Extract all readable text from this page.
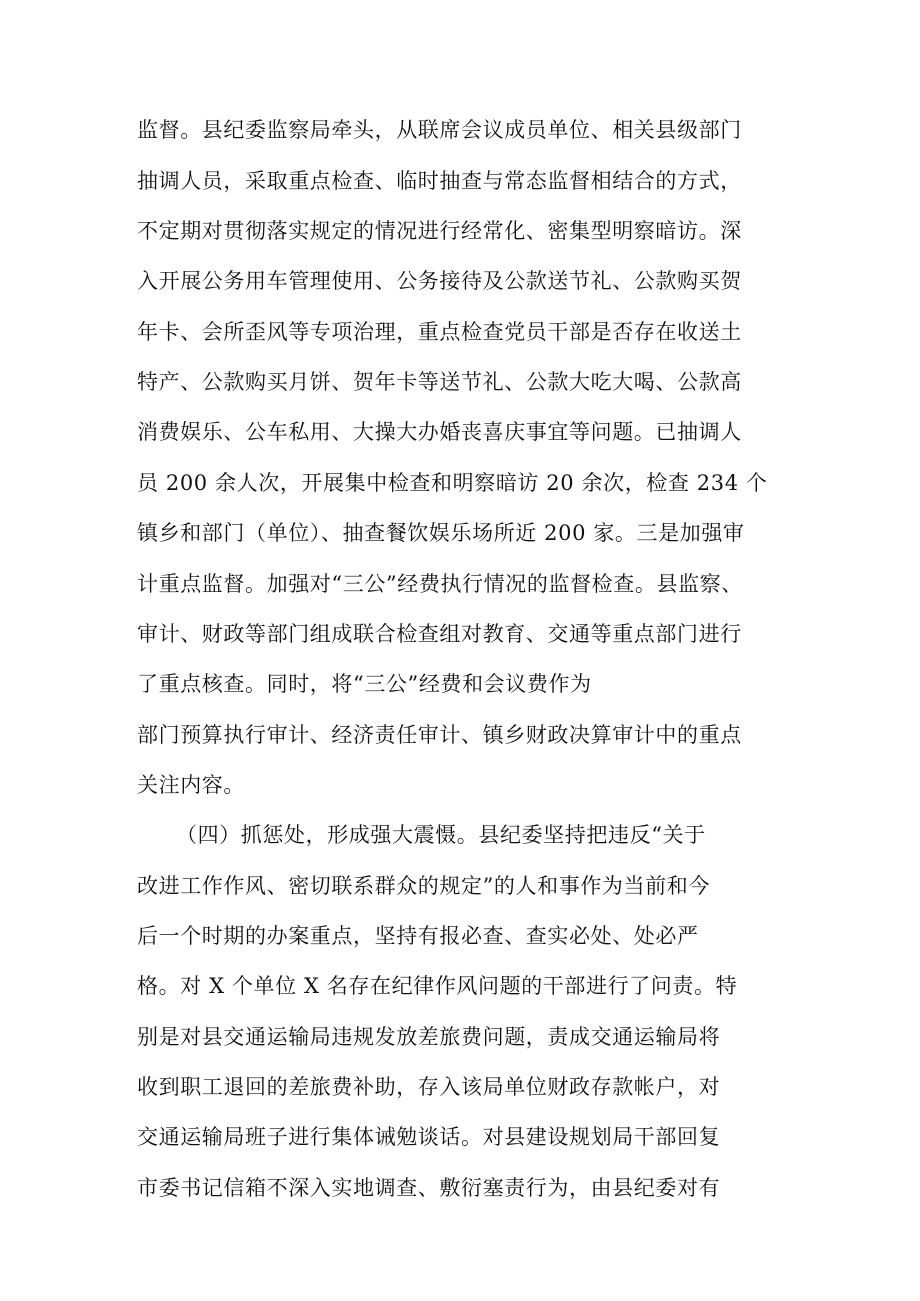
监督。县纪委监察局牵头，从联席会议成员单位、相关县级部门
抽调人员，采取重点检查、临时抽查与常态监督相结合的方式，
不定期对贯彻落实规定的情况进行经常化、密集型明察暗访。深
入开展公务用车管理使用、公务接待及公款送节礼、公款购买贺
年卡、会所歪风等专项治理，重点检查党员干部是否存在收送土
特产、公款购买月饼、贺年卡等送节礼、公款大吃大喝、公款高
消费娱乐、公车私用、大操大办婚丧喜庆事宜等问题。已抽调人
员 200 余人次，开展集中检查和明察暗访 20 余次，检查 234 个
镇乡和部门（单位）、抽查餐饮娱乐场所近 200 家。三是加强审
计重点监督。加强对“三公”经费执行情况的监督检查。县监察、
审计、财政等部门组成联合检查组对教育、交通等重点部门进行
了重点核查。同时，将“三公”经费和会议费作为
部门预算执行审计、经济责任审计、镇乡财政决算审计中的重点
关注内容。
（四）抓惩处，形成强大震慑。县纪委坚持把违反“关于
改进工作作风、密切联系群众的规定”的人和事作为当前和今
后一个时期的办案重点，坚持有报必查、查实必处、处必严
格。对 X 个单位 X 名存在纪律作风问题的干部进行了问责。特
别是对县交通运输局违规发放差旅费问题，责成交通运输局将
收到职工退回的差旅费补助，存入该局单位财政存款帐户，对
交通运输局班子进行集体诫勉谈话。对县建设规划局干部回复
市委书记信箱不深入实地调查、敷衍塞责行为，由县纪委对有
